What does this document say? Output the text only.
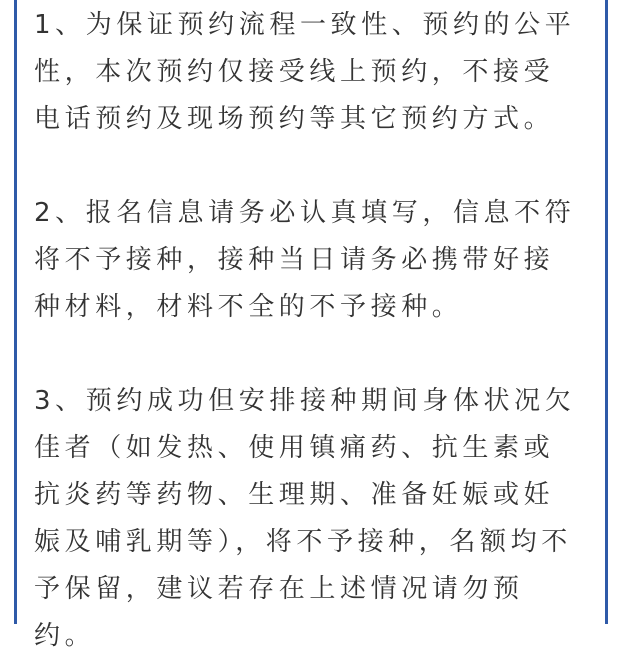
1、为保证预约流程一致性、预约的公平性，本次预约仅接受线上预约，不接受电话预约及现场预约等其它预约方式。

2、报名信息请务必认真填写，信息不符将不予接种，接种当日请务必携带好接种材料，材料不全的不予接种。

3、预约成功但安排接种期间身体状况欠佳者（如发热、使用镇痛药、抗生素或抗炎药等药物、生理期、准备妊娠或妊娠及哺乳期等），将不予接种，名额均不予保留，建议若存在上述情况请勿预约。
